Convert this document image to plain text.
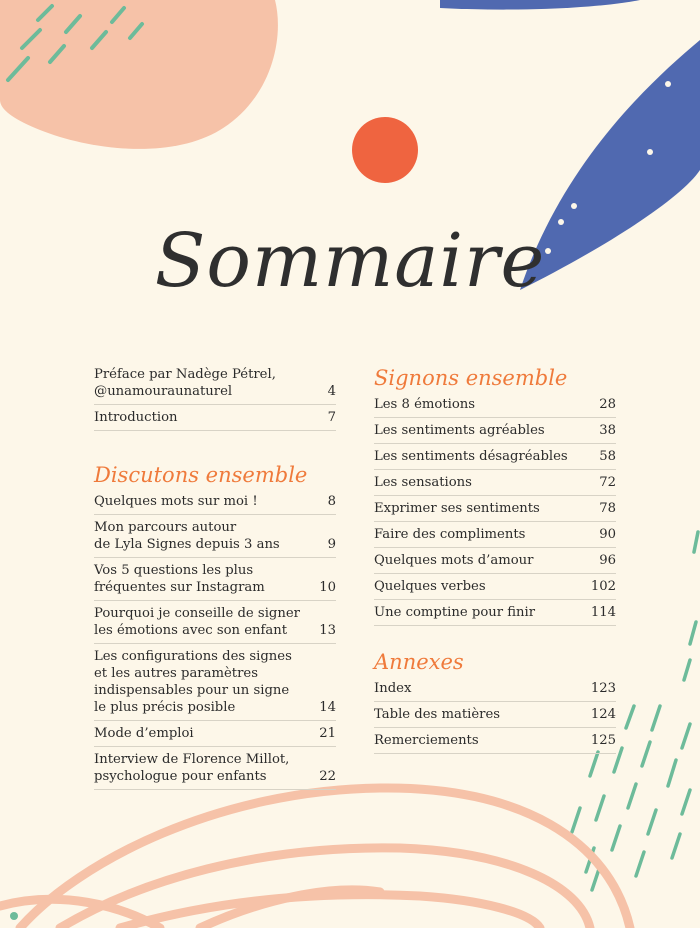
Sommaire
Préface par Nadège Pétrel,
@unamouraunaturel	4
Introduction	7
Discutons ensemble
Quelques mots sur moi !	8
Mon parcours autour
de Lyla Signes depuis 3 ans	9
Vos 5 questions les plus
fréquentes sur Instagram	10
Pourquoi je conseille de signer
les émotions avec son enfant	13
Les configurations des signes
et les autres paramètres
indispensables pour un signe
le plus précis posible	14
Mode d’emploi	21
Interview de Florence Millot,
psychologue pour enfants	22
Signons ensemble
Les 8 émotions	28
Les sentiments agréables	38
Les sentiments désagréables	58
Les sensations	72
Exprimer ses sentiments	78
Faire des compliments	90
Quelques mots d’amour	96
Quelques verbes	102
Une comptine pour finir	114
Annexes
Index	123
Table des matières	124
Remerciements	125
